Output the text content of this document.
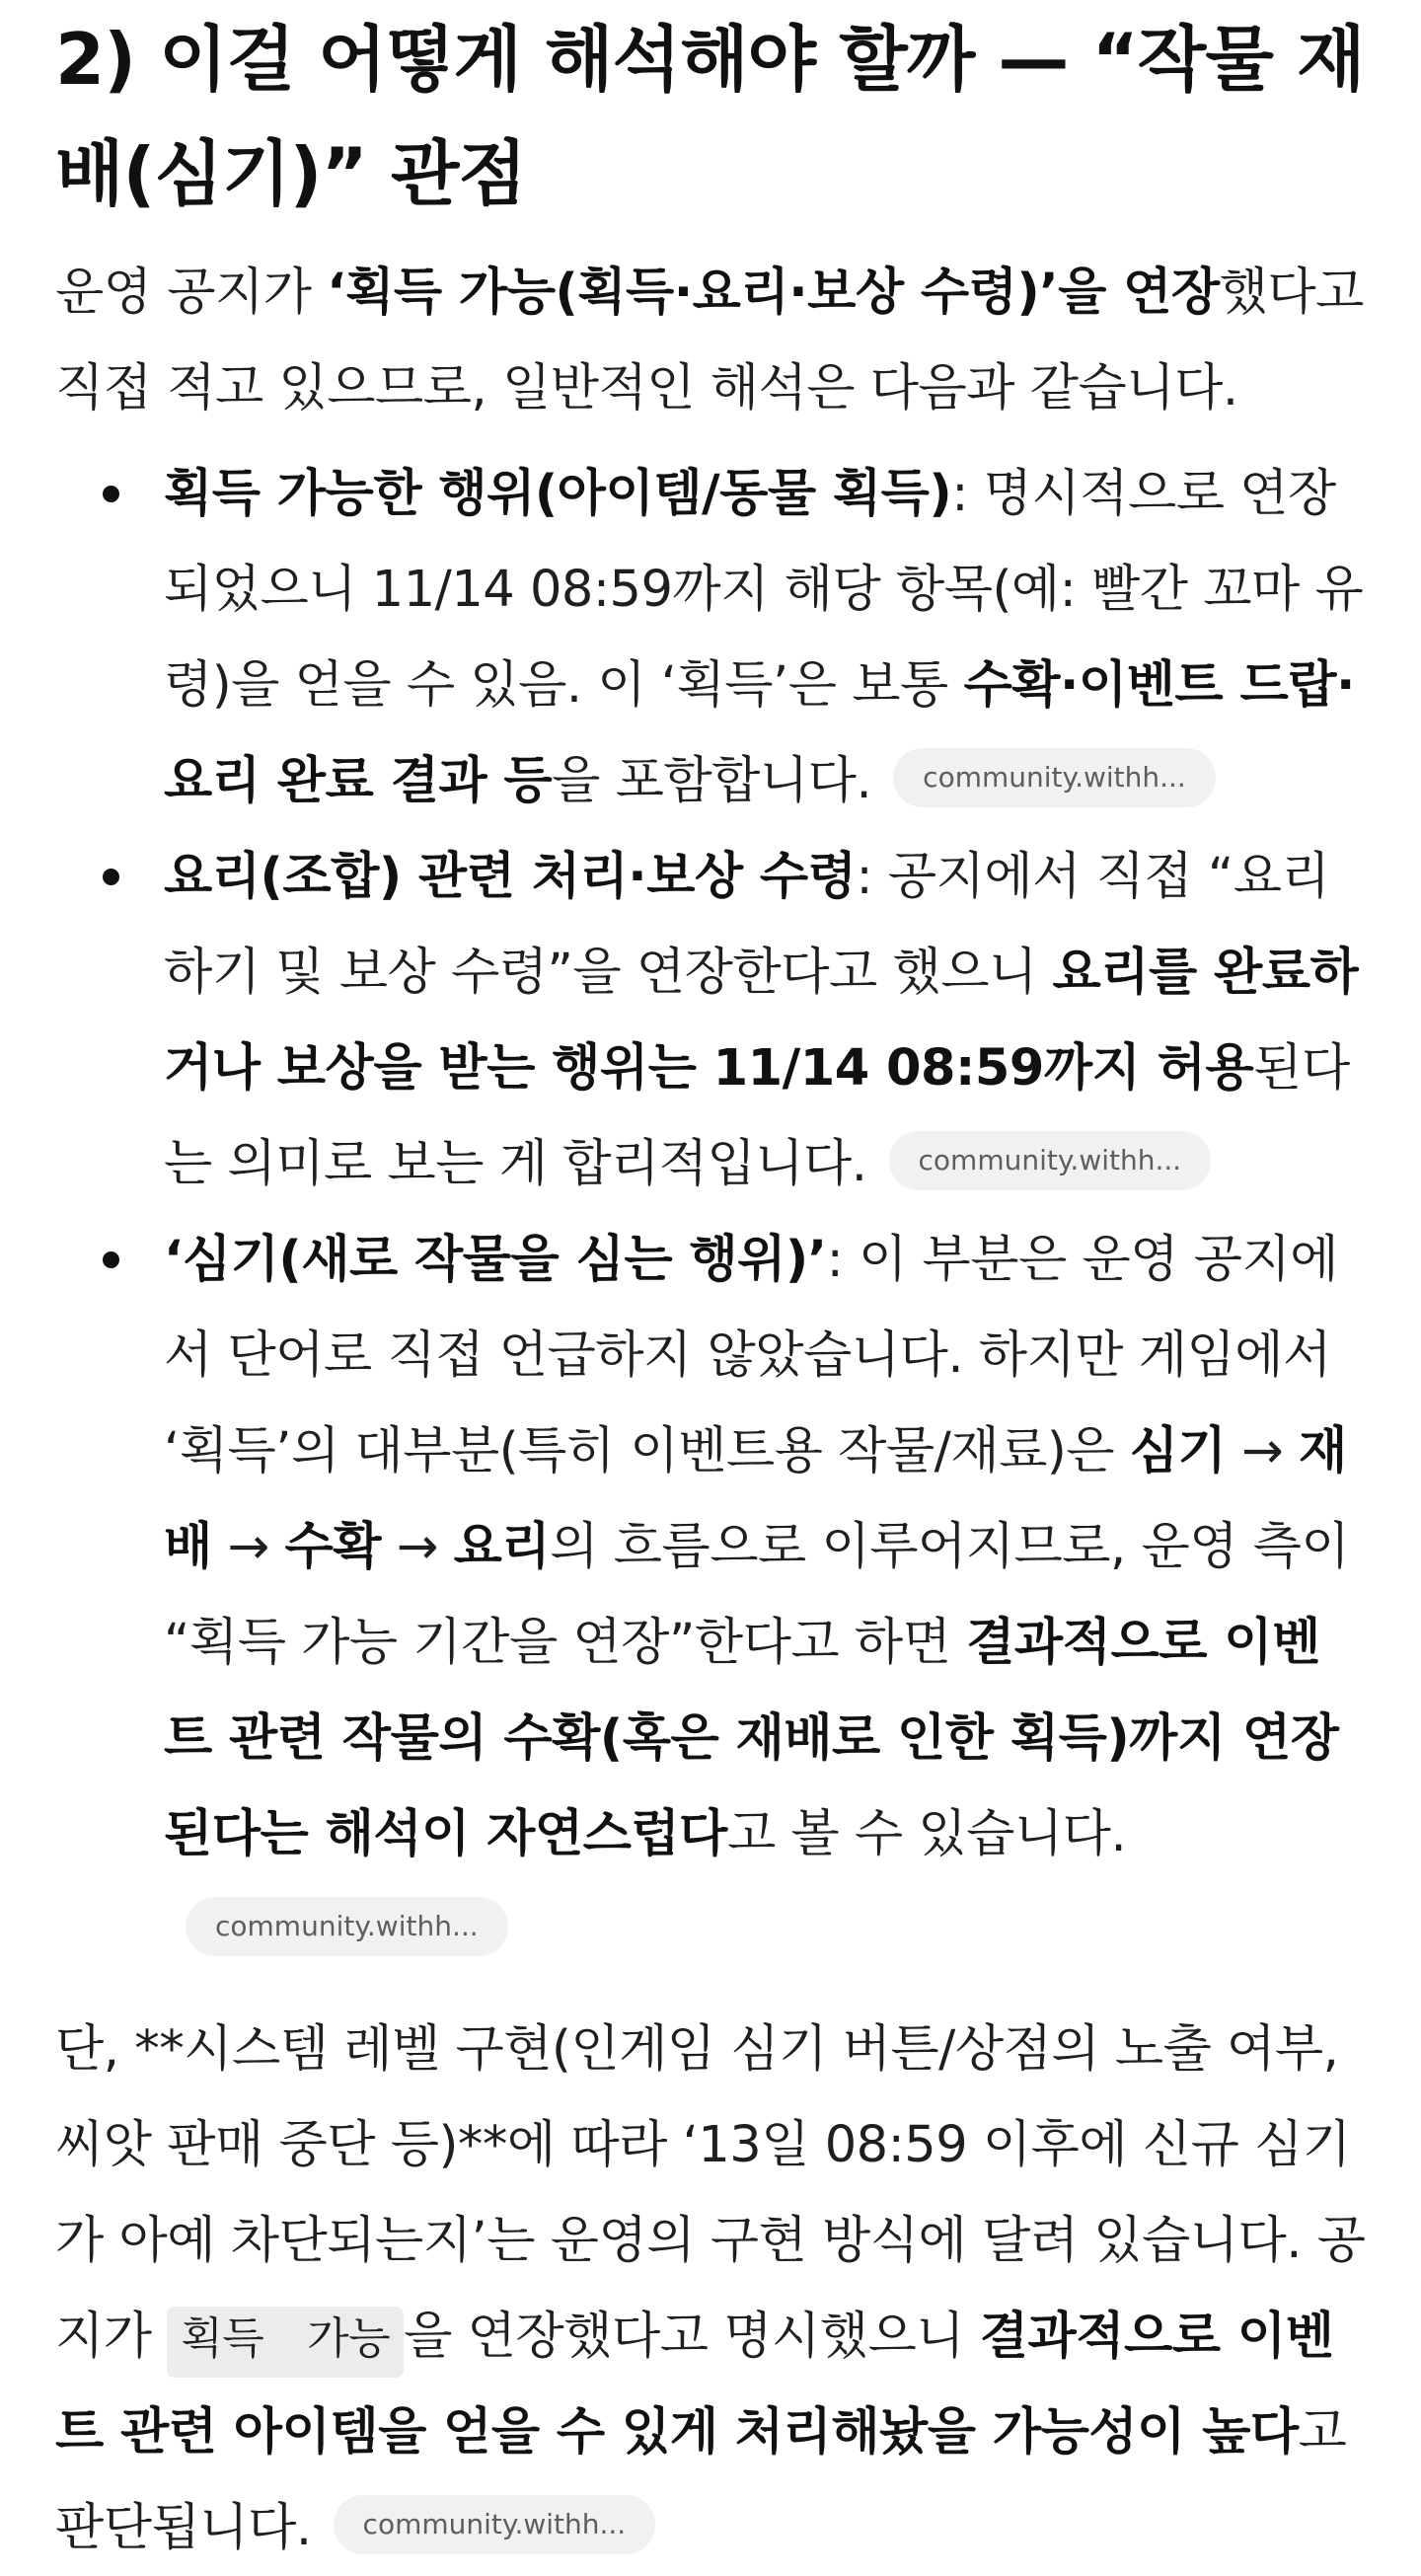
2) 이걸 어떻게 해석해야 할까 — “작물 재배(심기)” 관점

운영 공지가 ‘획득 가능(획득·요리·보상 수령)’을 연장했다고 직접 적고 있으므로, 일반적인 해석은 다음과 같습니다.

획득 가능한 행위(아이템/동물 획득): 명시적으로 연장되었으니 11/14 08:59까지 해당 항목(예: 빨간 꼬마 유령)을 얻을 수 있음. 이 ‘획득’은 보통 수확·이벤트 드랍·요리 완료 결과 등을 포함합니다. community.withh...
요리(조합) 관련 처리·보상 수령: 공지에서 직접 “요리하기 및 보상 수령”을 연장한다고 했으니 요리를 완료하거나 보상을 받는 행위는 11/14 08:59까지 허용된다는 의미로 보는 게 합리적입니다. community.withh...
‘심기(새로 작물을 심는 행위)’: 이 부분은 운영 공지에서 단어로 직접 언급하지 않았습니다. 하지만 게임에서 ‘획득’의 대부분(특히 이벤트용 작물/재료)은 심기 → 재배 → 수확 → 요리의 흐름으로 이루어지므로, 운영 측이 “획득 가능 기간을 연장”한다고 하면 결과적으로 이벤트 관련 작물의 수확(혹은 재배로 인한 획득)까지 연장된다는 해석이 자연스럽다고 볼 수 있습니다.community.withh...

단, **시스템 레벨 구현(인게임 심기 버튼/상점의 노출 여부, 씨앗 판매 중단 등)**에 따라 ‘13일 08:59 이후에 신규 심기가 아예 차단되는지’는 운영의 구현 방식에 달려 있습니다. 공지가 획득 가능 을 연장했다고 명시했으니 결과적으로 이벤트 관련 아이템을 얻을 수 있게 처리해놨을 가능성이 높다고 판단됩니다. community.withh...
